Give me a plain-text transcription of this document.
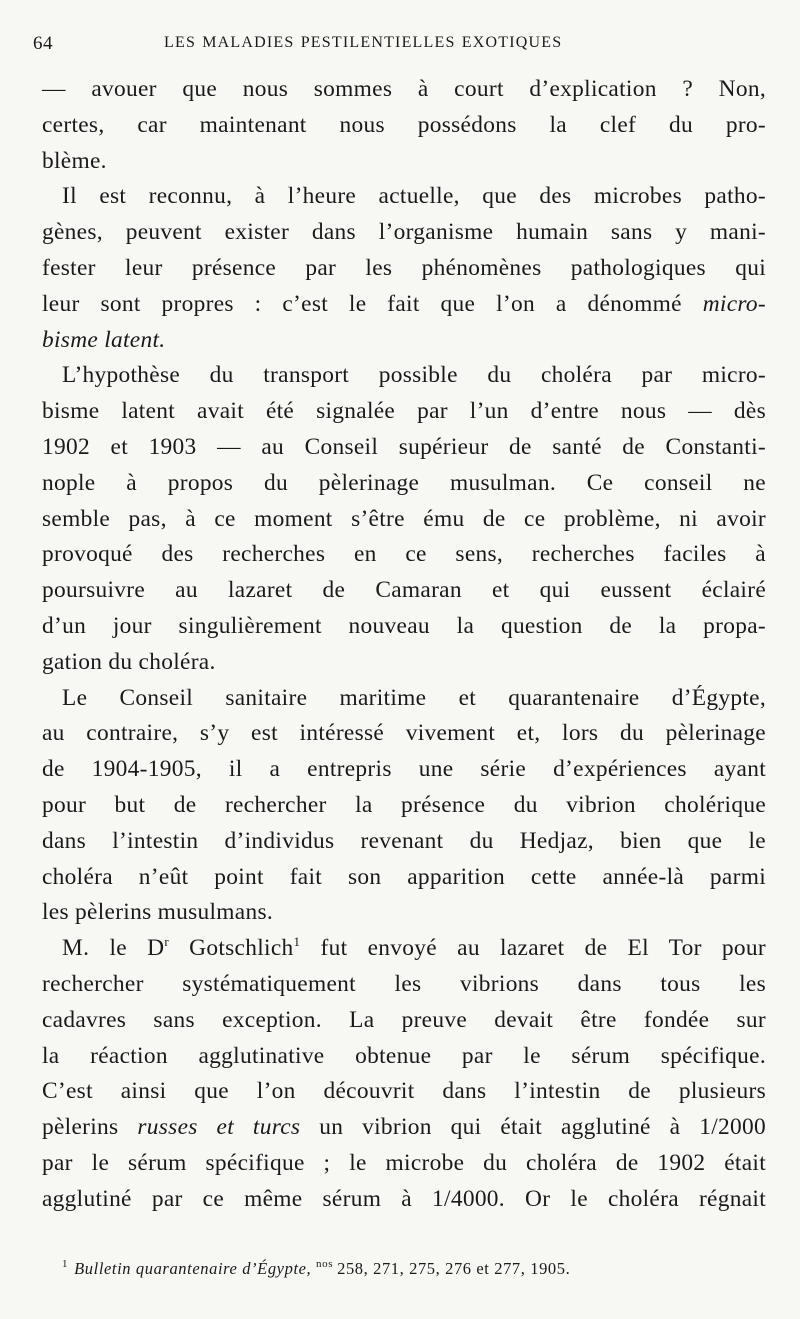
64	LES MALADIES PESTILENTIELLES EXOTIQUES
— avouer que nous sommes à court d’explication ? Non,
certes, car maintenant nous possédons la clef du pro-
blème.
Il est reconnu, à l’heure actuelle, que des microbes patho-
gènes, peuvent exister dans l’organisme humain sans y mani-
fester leur présence par les phénomènes pathologiques qui
leur sont propres : c’est le fait que l’on a dénommé micro-
bisme latent.
L’hypothèse du transport possible du choléra par micro-
bisme latent avait été signalée par l’un d’entre nous — dès
1902 et 1903 — au Conseil supérieur de santé de Constanti-
nople à propos du pèlerinage musulman. Ce conseil ne
semble pas, à ce moment s’être ému de ce problème, ni avoir
provoqué des recherches en ce sens, recherches faciles à
poursuivre au lazaret de Camaran et qui eussent éclairé
d’un jour singulièrement nouveau la question de la propa-
gation du choléra.
Le Conseil sanitaire maritime et quarantenaire d’Égypte,
au contraire, s’y est intéressé vivement et, lors du pèlerinage
de 1904-1905, il a entrepris une série d’expériences ayant
pour but de rechercher la présence du vibrion cholérique
dans l’intestin d’individus revenant du Hedjaz, bien que le
choléra n’eût point fait son apparition cette année-là parmi
les pèlerins musulmans.
M. le $D^r$ Gotschlich$^1$ fut envoyé au lazaret de El Tor pour
rechercher systématiquement les vibrions dans tous les
cadavres sans exception. La preuve devait être fondée sur
la réaction agglutinative obtenue par le sérum spécifique.
C’est ainsi que l’on découvrit dans l’intestin de plusieurs
pèlerins russes et turcs un vibrion qui était agglutiné à 1/2000
par le sérum spécifique ; le microbe du choléra de 1902 était
agglutiné par ce même sérum à 1/4000. Or le choléra régnait
$^1$ Bulletin quarantenaire d’Égypte, $^{nos}$ 258, 271, 275, 276 et 277, 1905.
